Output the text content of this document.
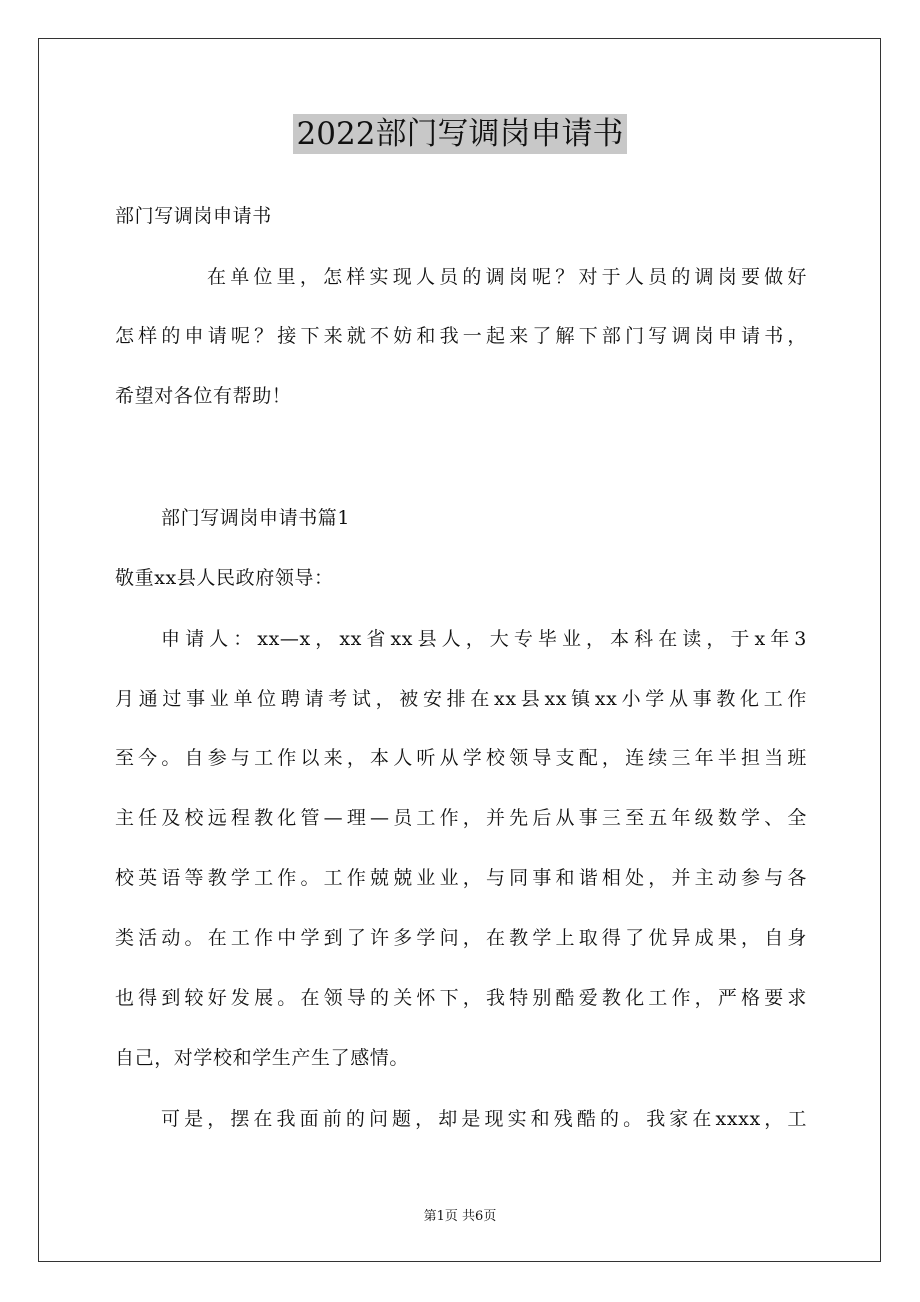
2022部门写调岗申请书
部门写调岗申请书
在单位里，怎样实现人员的调岗呢？对于人员的调岗要做好
怎样的申请呢？接下来就不妨和我一起来了解下部门写调岗申请书，
希望对各位有帮助！
部门写调岗申请书篇1
敬重xx县人民政府领导：
申请人：xx—x，xx省xx县人，大专毕业，本科在读，于x年3
月通过事业单位聘请考试，被安排在xx县xx镇xx小学从事教化工作
至今。自参与工作以来，本人听从学校领导支配，连续三年半担当班
主任及校远程教化管—理—员工作，并先后从事三至五年级数学、全
校英语等教学工作。工作兢兢业业，与同事和谐相处，并主动参与各
类活动。在工作中学到了许多学问，在教学上取得了优异成果，自身
也得到较好发展。在领导的关怀下，我特别酷爱教化工作，严格要求
自己，对学校和学生产生了感情。
可是，摆在我面前的问题，却是现实和残酷的。我家在xxxx，工
第1页 共6页
